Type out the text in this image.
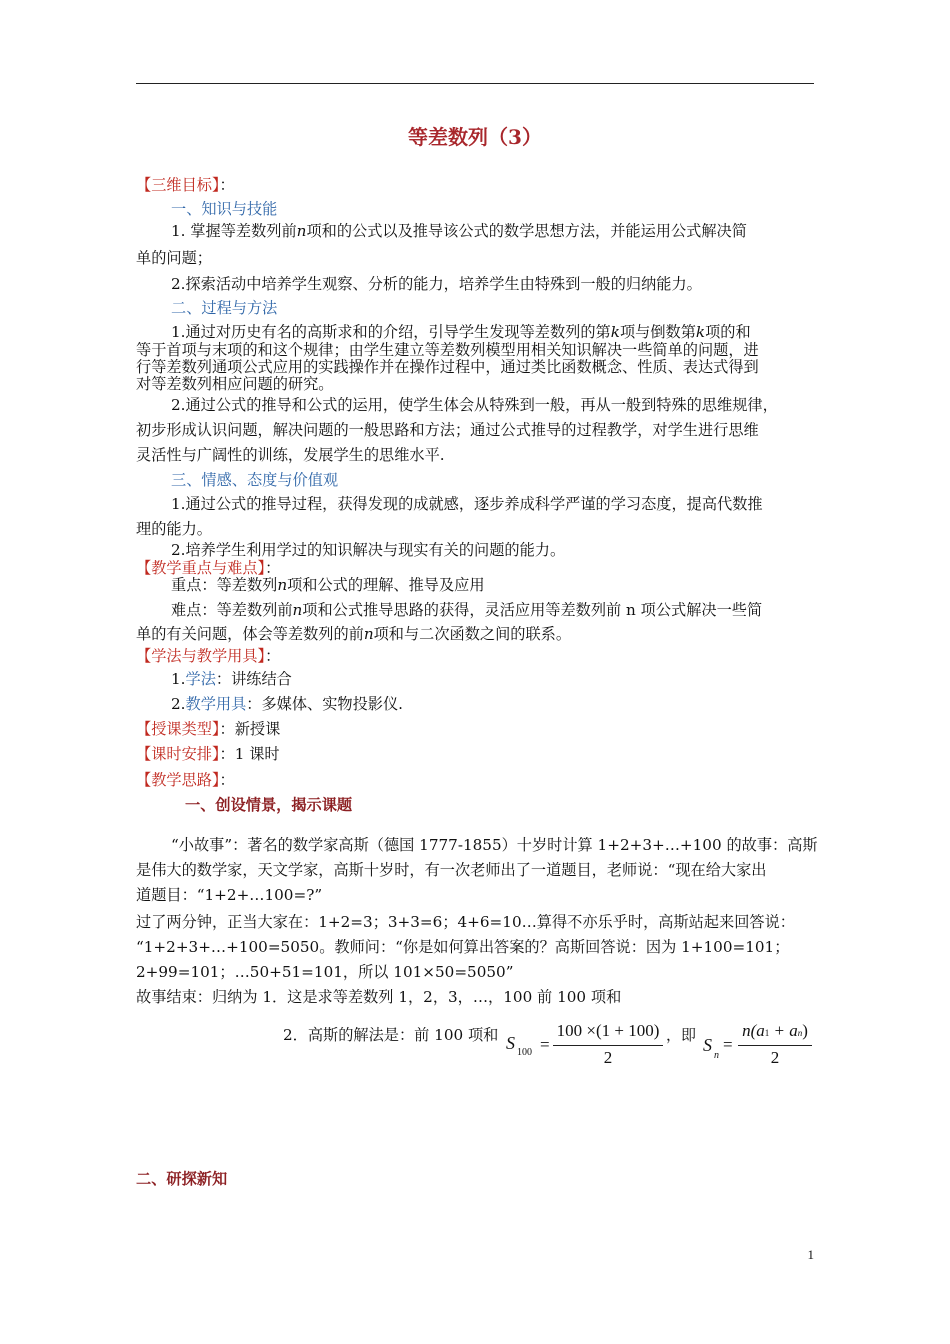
等差数列（3）
【三维目标】：
一、知识与技能
1. 掌握等差数列前n项和的公式以及推导该公式的数学思想方法，并能运用公式解决简
单的问题；
2.探索活动中培养学生观察、分析的能力，培养学生由特殊到一般的归纳能力。
二、过程与方法
1.通过对历史有名的高斯求和的介绍，引导学生发现等差数列的第k项与倒数第k项的和
等于首项与末项的和这个规律；由学生建立等差数列模型用相关知识解决一些简单的问题，进
行等差数列通项公式应用的实践操作并在操作过程中，通过类比函数概念、性质、表达式得到
对等差数列相应问题的研究。
2.通过公式的推导和公式的运用，使学生体会从特殊到一般，再从一般到特殊的思维规律，
初步形成认识问题，解决问题的一般思路和方法；通过公式推导的过程教学，对学生进行思维
灵活性与广阔性的训练，发展学生的思维水平.
三、情感、态度与价值观
1.通过公式的推导过程，获得发现的成就感，逐步养成科学严谨的学习态度，提高代数推
理的能力。
2.培养学生利用学过的知识解决与现实有关的问题的能力。
【教学重点与难点】：
重点：等差数列n项和公式的理解、推导及应用
难点：等差数列前n项和公式推导思路的获得，灵活应用等差数列前 n 项公式解决一些简
单的有关问题，体会等差数列的前n项和与二次函数之间的联系。
【学法与教学用具】：
1.学法：讲练结合
2.教学用具：多媒体、实物投影仪.
【授课类型】：新授课
【课时安排】：1 课时
【教学思路】：
一、创设情景，揭示课题
“小故事”：著名的数学家高斯（德国 1777-1855）十岁时计算 1+2+3+…+100 的故事：高斯
是伟大的数学家，天文学家，高斯十岁时，有一次老师出了一道题目，老师说：“现在给大家出
道题目：“1+2+…100=?”
过了两分钟，正当大家在：1+2=3；3+3=6；4+6=10…算得不亦乐乎时，高斯站起来回答说：
“1+2+3+…+100=5050。教师问：“你是如何算出答案的？高斯回答说：因为 1+100=101；
2+99=101；…50+51=101，所以 101×50=5050”
故事结束：归纳为 1．这是求等差数列 1，2，3，…，100 前 100 项和
2．高斯的解法是：前 100 项和 S 100 =
100 ×(1 + 100)
2
，即 S
n
=
n(a1 + an)
2
二、研探新知
1
